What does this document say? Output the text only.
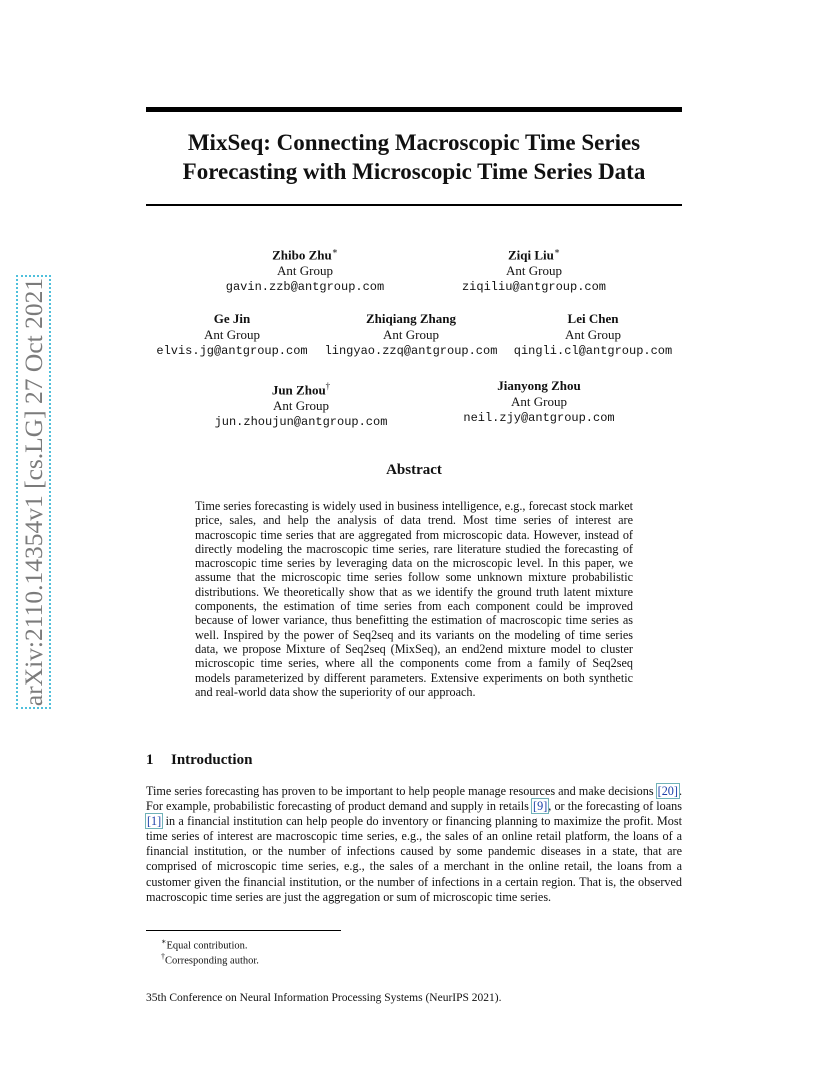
arXiv:2110.14354v1 [cs.LG] 27 Oct 2021
MixSeq: Connecting Macroscopic Time Series
Forecasting with Microscopic Time Series Data
Zhibo Zhu∗
Ant Group
gavin.zzb@antgroup.com
Ziqi Liu∗
Ant Group
ziqiliu@antgroup.com
Ge Jin
Ant Group
elvis.jg@antgroup.com
Zhiqiang Zhang
Ant Group
lingyao.zzq@antgroup.com
Lei Chen
Ant Group
qingli.cl@antgroup.com
Jun Zhou†
Ant Group
jun.zhoujun@antgroup.com
Jianyong Zhou
Ant Group
neil.zjy@antgroup.com
Abstract
Time series forecasting is widely used in business intelligence, e.g., forecast stock market price, sales, and help the analysis of data trend. Most time series of interest are macroscopic time series that are aggregated from microscopic data. However, instead of directly modeling the macroscopic time series, rare literature studied the forecasting of macroscopic time series by leveraging data on the microscopic level. In this paper, we assume that the microscopic time series follow some unknown mixture probabilistic distributions. We theoretically show that as we identify the ground truth latent mixture components, the estimation of time series from each component could be improved because of lower variance, thus benefitting the estimation of macroscopic time series as well. Inspired by the power of Seq2seq and its variants on the modeling of time series data, we propose Mixture of Seq2seq (MixSeq), an end2end mixture model to cluster microscopic time series, where all the components come from a family of Seq2seq models parameterized by different parameters. Extensive experiments on both synthetic and real-world data show the superiority of our approach.
1 Introduction
Time series forecasting has proven to be important to help people manage resources and make decisions [20]. For example, probabilistic forecasting of product demand and supply in retails [9], or the forecasting of loans [1] in a financial institution can help people do inventory or financing planning to maximize the profit. Most time series of interest are macroscopic time series, e.g., the sales of an online retail platform, the loans of a financial institution, or the number of infections caused by some pandemic diseases in a state, that are comprised of microscopic time series, e.g., the sales of a merchant in the online retail, the loans from a customer given the financial institution, or the number of infections in a certain region. That is, the observed macroscopic time series are just the aggregation or sum of microscopic time series.
∗Equal contribution.
†Corresponding author.
35th Conference on Neural Information Processing Systems (NeurIPS 2021).
